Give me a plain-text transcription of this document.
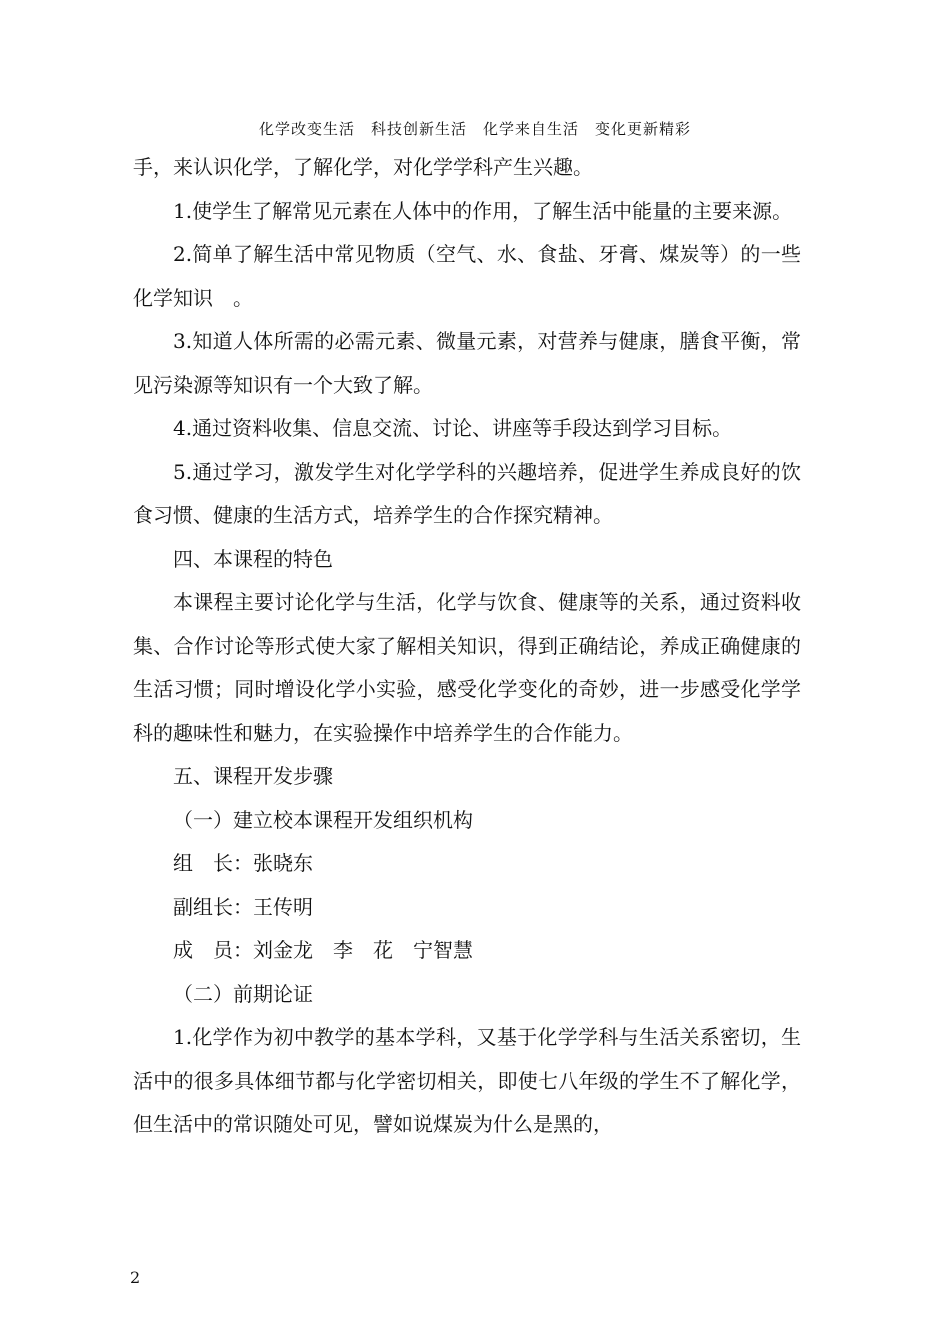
化学改变生活　科技创新生活　化学来自生活　变化更新精彩

手，来认识化学，了解化学，对化学学科产生兴趣。

1.使学生了解常见元素在人体中的作用，了解生活中能量的主要来源。

2.简单了解生活中常见物质（空气、水、食盐、牙膏、煤炭等）的一些化学知识　。

3.知道人体所需的必需元素、微量元素，对营养与健康，膳食平衡，常见污染源等知识有一个大致了解。

4.通过资料收集、信息交流、讨论、讲座等手段达到学习目标。

5.通过学习，激发学生对化学学科的兴趣培养，促进学生养成良好的饮食习惯、健康的生活方式，培养学生的合作探究精神。

四、本课程的特色

本课程主要讨论化学与生活，化学与饮食、健康等的关系，通过资料收集、合作讨论等形式使大家了解相关知识，得到正确结论，养成正确健康的生活习惯；同时增设化学小实验，感受化学变化的奇妙，进一步感受化学学科的趣味性和魅力，在实验操作中培养学生的合作能力。

五、课程开发步骤

（一）建立校本课程开发组织机构

组　长：张晓东

副组长：王传明

成　员：刘金龙　李　花　宁智慧

（二）前期论证

1.化学作为初中教学的基本学科，又基于化学学科与生活关系密切，生活中的很多具体细节都与化学密切相关，即使七八年级的学生不了解化学，但生活中的常识随处可见，譬如说煤炭为什么是黑的，

2
